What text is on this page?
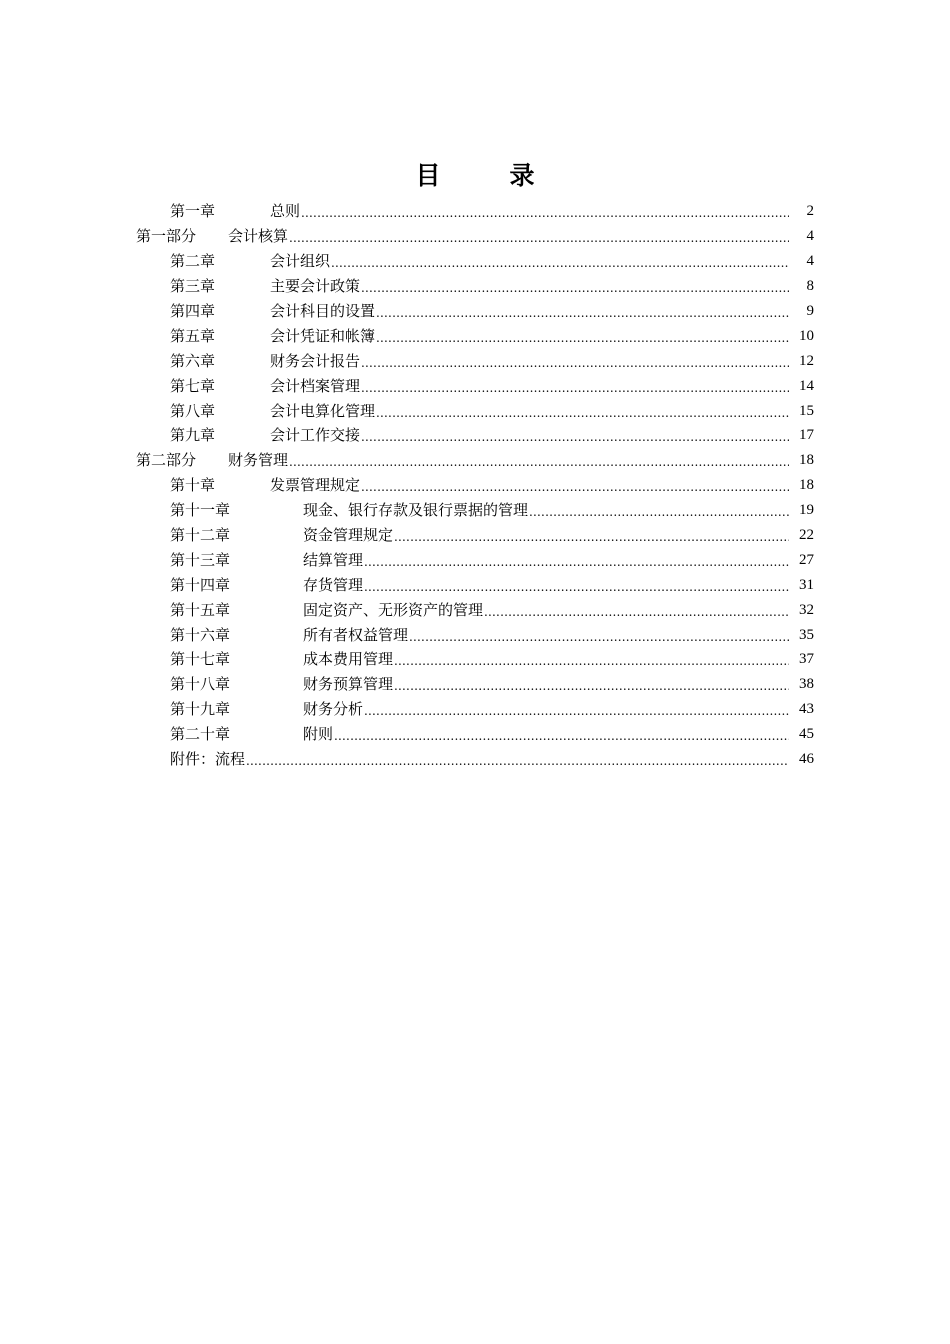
目　录
第一章	总则 .....	2
第一部分	会计核算 .....	4
第二章	会计组织 .....	4
第三章	主要会计政策 .....	8
第四章	会计科目的设置 .....	9
第五章	会计凭证和帐簿 .....	10
第六章	财务会计报告 .....	12
第七章	会计档案管理 .....	14
第八章	会计电算化管理 .....	15
第九章	会计工作交接 .....	17
第二部分	财务管理 .....	18
第十章	发票管理规定 .....	18
第十一章	现金、银行存款及银行票据的管理 .....	19
第十二章	资金管理规定 .....	22
第十三章	结算管理 .....	27
第十四章	存货管理 .....	31
第十五章	固定资产、无形资产的管理 .....	32
第十六章	所有者权益管理 .....	35
第十七章	成本费用管理 .....	37
第十八章	财务预算管理 .....	38
第十九章	财务分析 .....	43
第二十章	附则 .....	45
附件：流程 .....	46
